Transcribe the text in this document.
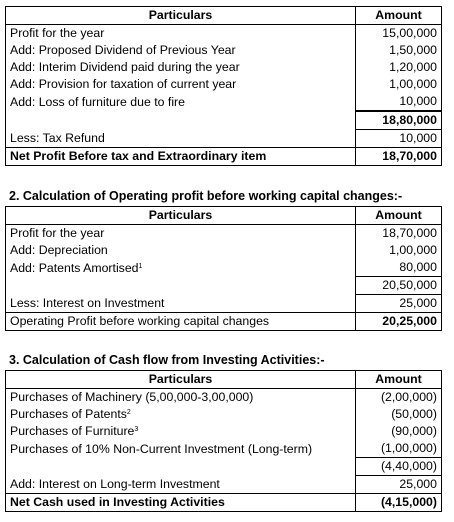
Particulars	Amount
Profit for the year	15,00,000
Add: Proposed Dividend of Previous Year	1,50,000
Add: Interim Dividend paid during the year	1,20,000
Add: Provision for taxation of current year	1,00,000
Add: Loss of furniture due to fire	10,000
	18,80,000
Less: Tax Refund	10,000
Net Profit Before tax and Extraordinary item	18,70,000
2. Calculation of Operating profit before working capital changes:-
Particulars	Amount
Profit for the year	18,70,000
Add: Depreciation	1,00,000
Add: Patents Amortised$^1$	80,000
	20,50,000
Less: Interest on Investment	25,000
Operating Profit before working capital changes	20,25,000
3. Calculation of Cash flow from Investing Activities:-
Particulars	Amount
Purchases of Machinery (5,00,000-3,00,000)	(2,00,000)
Purchases of Patents$^2$	(50,000)
Purchases of Furniture$^3$	(90,000)
Purchases of 10% Non-Current Investment (Long-term)	(1,00,000)
	(4,40,000)
Add: Interest on Long-term Investment	25,000
Net Cash used in Investing Activities	(4,15,000)
